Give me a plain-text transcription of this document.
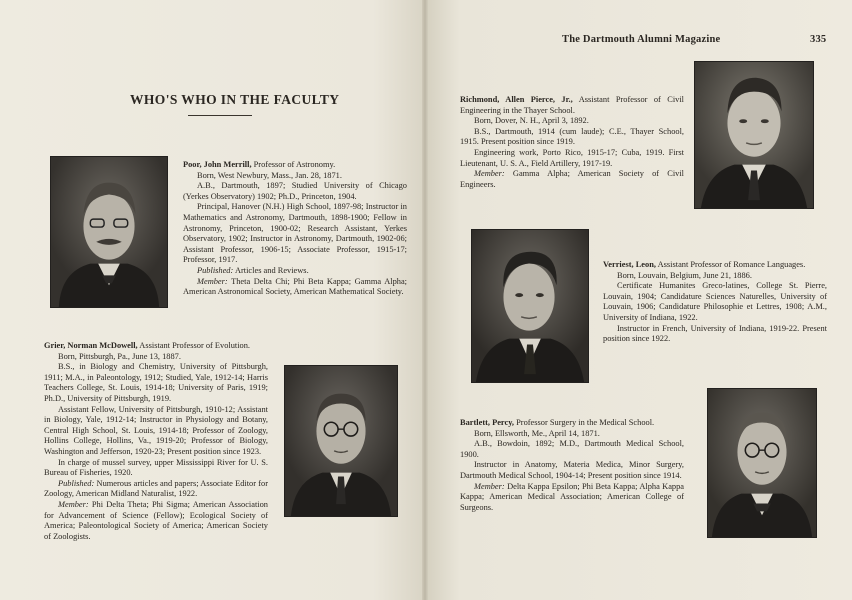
The Dartmouth Alumni Magazine	335
WHO'S WHO IN THE FACULTY

Poor, John Merrill, Professor of Astronomy.

Born, West Newbury, Mass., Jan. 28, 1871.

A.B., Dartmouth, 1897; Studied University of Chicago (Yerkes Observatory) 1902; Ph.D., Princeton, 1904.

Principal, Hanover (N.H.) High School, 1897-98; Instructor in Mathematics and Astronomy, Dartmouth, 1898-1900; Fellow in Astronomy, Princeton, 1900-02; Research Assistant, Yerkes Observatory, 1902; Instructor in Astronomy, Dartmouth, 1902-06; Assistant Professor, 1906-15; Associate Professor, 1915-17; Professor, 1917.

Published: Articles and Reviews.

Member: Theta Delta Chi; Phi Beta Kappa; Gamma Alpha; American Astronomical Society, American Mathematical Society.

Grier, Norman McDowell, Assistant Professor of Evolution.

Born, Pittsburgh, Pa., June 13, 1887.

B.S., in Biology and Chemistry, University of Pittsburgh, 1911; M.A., in Paleontology, 1912; Studied, Yale, 1912-14; Harris Teachers College, St. Louis, 1914-18; University of Paris, 1919; Ph.D., University of Pittsburgh, 1919.

Assistant Fellow, University of Pittsburgh, 1910-12; Assistant in Biology, Yale, 1912-14; Instructor in Physiology and Botany, Central High School, St. Louis, 1914-18; Professor of Zoology, Hollins College, Hollins, Va., 1919-20; Professor of Biology, Washington and Jefferson, 1920-23; Present position since 1923.

In charge of mussel survey, upper Mississippi River for U. S. Bureau of Fisheries, 1920.

Published: Numerous articles and papers; Associate Editor for Zoology, American Midland Naturalist, 1922.

Member: Phi Delta Theta; Phi Sigma; American Association for Advancement of Science (Fellow); Ecological Society of America; Paleontological Society of America; American Society of Zoologists.

Richmond, Allen Pierce, Jr., Assistant Professor of Civil Engineering in the Thayer School.

Born, Dover, N. H., April 3, 1892.

B.S., Dartmouth, 1914 (cum laude); C.E., Thayer School, 1915. Present position since 1919.

Engineering work, Porto Rico, 1915-17; Cuba, 1919. First Lieutenant, U. S. A., Field Artillery, 1917-19.

Member: Gamma Alpha; American Society of Civil Engineers.

Verriest, Leon, Assistant Professor of Romance Languages.

Born, Louvain, Belgium, June 21, 1886.

Certificate Humanites Greco-latines, College St. Pierre, Louvain, 1904; Candidature Sciences Naturelles, University of Louvain, 1906; Candidature Philosophie et Lettres, 1908; A.M., University of Indiana, 1922.

Instructor in French, University of Indiana, 1919-22. Present position since 1922.

Bartlett, Percy, Professor Surgery in the Medical School.

Born, Ellsworth, Me., April 14, 1871.

A.B., Bowdoin, 1892; M.D., Dartmouth Medical School, 1900.

Instructor in Anatomy, Materia Medica, Minor Surgery, Dartmouth Medical School, 1904-14; Present position since 1914.

Member: Delta Kappa Epsilon; Phi Beta Kappa; Alpha Kappa Kappa; American Medical Association; American College of Surgeons.
